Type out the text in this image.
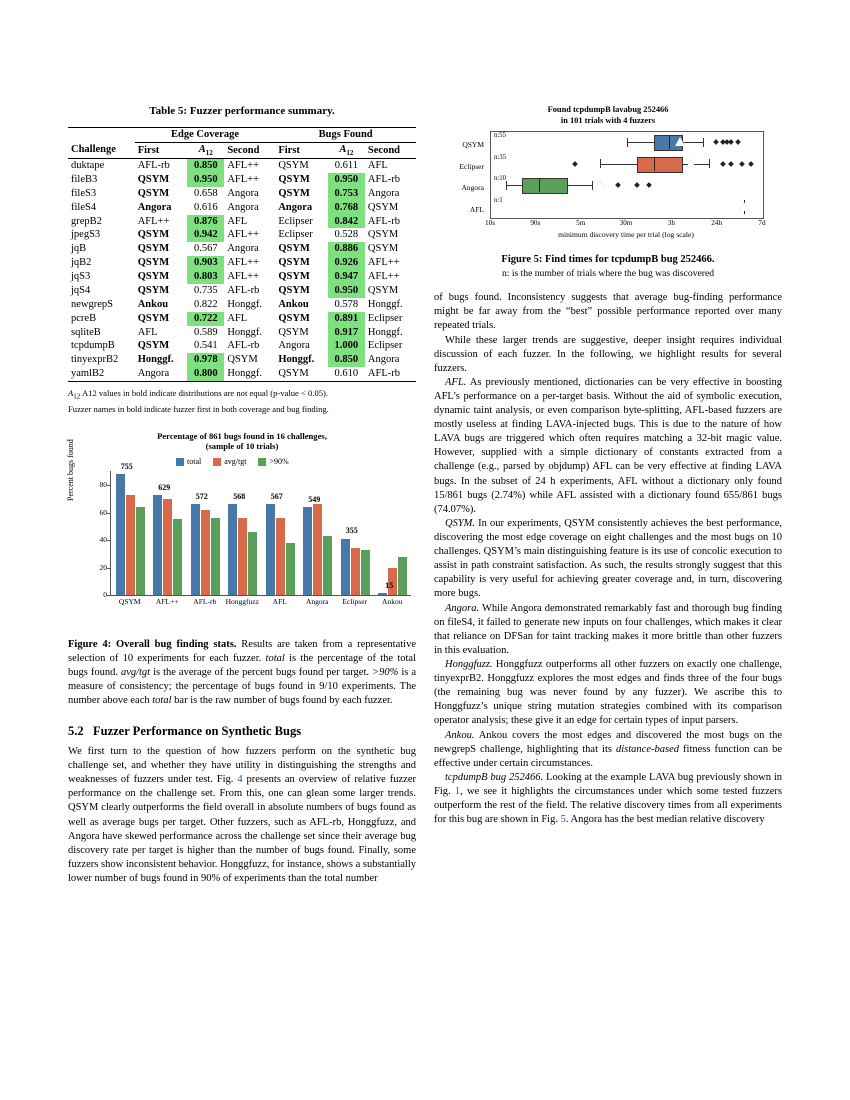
Table 5: Fuzzer performance summary.
	Edge Coverage			Bugs Found		
Challenge	First	$A_{12}$	Second	First	$A_{12}$	Second
duktape	AFL-rb	0.850	AFL++	QSYM	0.611	AFL
fileB3	QSYM	0.950	AFL++	QSYM	0.950	AFL-rb
fileS3	QSYM	0.658	Angora	QSYM	0.753	Angora
fileS4	Angora	0.616	Angora	Angora	0.768	QSYM
grepB2	AFL++	0.876	AFL	Eclipser	0.842	AFL-rb
jpegS3	QSYM	0.942	AFL++	Eclipser	0.528	QSYM
jqB	QSYM	0.567	Angora	QSYM	0.886	QSYM
jqB2	QSYM	0.903	AFL++	QSYM	0.926	AFL++
jqS3	QSYM	0.803	AFL++	QSYM	0.947	AFL++
jqS4	QSYM	0.735	AFL-rb	QSYM	0.950	QSYM
newgrepS	Ankou	0.822	Honggf.	Ankou	0.578	Honggf.
pcreB	QSYM	0.722	AFL	QSYM	0.891	Eclipser
sqliteB	AFL	0.589	Honggf.	QSYM	0.917	Honggf.
tcpdumpB	QSYM	0.541	AFL-rb	Angora	1.000	Eclipser
tinyexprB2	Honggf.	0.978	QSYM	Honggf.	0.850	Angora
yamlB2	Angora	0.800	Honggf.	QSYM	0.610	AFL-rb
$A_{12}$ A12 values in bold indicate distributions are not equal (p-value < 0.05).
Fuzzer names in bold indicate fuzzer first in both coverage and bug finding.
Percentage of 861 bugs found in 16 challenges,
(sample of 10 trials)
total	avg/tgt	>90%
Percent bugs found
0
20
40
60
80
QSYM
755
AFL++
629
AFL-rb
572
Honggfuzz
568
AFL
567
Angora
549
Eclipser
355
Ankou
15
Figure 4: Overall bug finding stats. Results are taken from a representative selection of 10 experiments for each fuzzer. total is the percentage of the total bugs found. avg/tgt is the average of the percent bugs found per target. >90% is a measure of consistency; the percentage of bugs found in 9/10 experiments. The number above each total bar is the raw number of bugs found by each fuzzer.
5.2 Fuzzer Performance on Synthetic Bugs

We first turn to the question of how fuzzers perform on the synthetic bug challenge set, and whether they have utility in distinguishing the strengths and weaknesses of fuzzers under test. Fig. 4 presents an overview of relative fuzzer performance on the challenge set. From this, one can glean some larger trends. QSYM clearly outperforms the field overall in absolute numbers of bugs found as well as average bugs per target. Other fuzzers, such as AFL-rb, Honggfuzz, and Angora have skewed performance across the challenge set since their average bug discovery rate per target is higher than the number of bugs found. Finally, some fuzzers show inconsistent behavior. Honggfuzz, for instance, shows a substantially lower number of bugs found in 90% of experiments than the total number

Found tcpdumpB lavabug 252466
in 101 trials with 4 fuzzers
minimum discovery time per trial (log scale)
QSYM
n:55
Eclipser
n:35
Angora
n:10
AFL
n:1
10s	90s	5m	30m	3h	24h	7d
Figure 5: Find times for tcpdumpB bug 252466.
n: is the number of trials where the bug was discovered

of bugs found. Inconsistency suggests that average bug-finding performance might be far away from the “best” possible performance reported over many repeated trials.

While these larger trends are suggestive, deeper insight requires individual discussion of each fuzzer. In the following, we highlight results for several fuzzers.

AFL. As previously mentioned, dictionaries can be very effective in boosting AFL’s performance on a per-target basis. Without the aid of symbolic execution, dynamic taint analysis, or even comparison byte-splitting, AFL-based fuzzers are mostly useless at finding LAVA-injected bugs. This is due to the nature of how LAVA bugs are triggered which often requires matching a 32-bit magic value. However, supplied with a simple dictionary of constants extracted from a challenge (e.g., parsed by objdump) AFL can be very effective at finding LAVA bugs. In the subset of 24 h experiments, AFL without a dictionary only found 15/861 bugs (2.74%) while AFL assisted with a dictionary found 655/861 bugs (74.07%).

QSYM. In our experiments, QSYM consistently achieves the best performance, discovering the most edge coverage on eight challenges and the most bugs on 10 challenges. QSYM’s main distinguishing feature is its use of concolic execution to assist in path constraint satisfaction. As such, the results strongly suggest that this capability is very useful for achieving greater coverage and, in turn, discovering more bugs.

Angora. While Angora demonstrated remarkably fast and thorough bug finding on fileS4, it failed to generate new inputs on four challenges, which makes it clear that reliance on DFSan for taint tracking makes it more brittle than other fuzzers in this evaluation.

Honggfuzz. Honggfuzz outperforms all other fuzzers on exactly one challenge, tinyexprB2. Honggfuzz explores the most edges and finds three of the four bugs (the remaining bug was never found by any fuzzer). We ascribe this to Honggfuzz’s unique string mutation strategies combined with its comparison operator analysis; these give it an edge for certain types of input parsers.

Ankou. Ankou covers the most edges and discovered the most bugs on the newgrepS challenge, highlighting that its distance-based fitness function can be effective under certain circumstances.

tcpdumpB bug 252466. Looking at the example LAVA bug previously shown in Fig. 1, we see it highlights the circumstances under which some tested fuzzers outperform the rest of the field. The relative discovery times from all experiments for this bug are shown in Fig. 5. Angora has the best median relative discovery
